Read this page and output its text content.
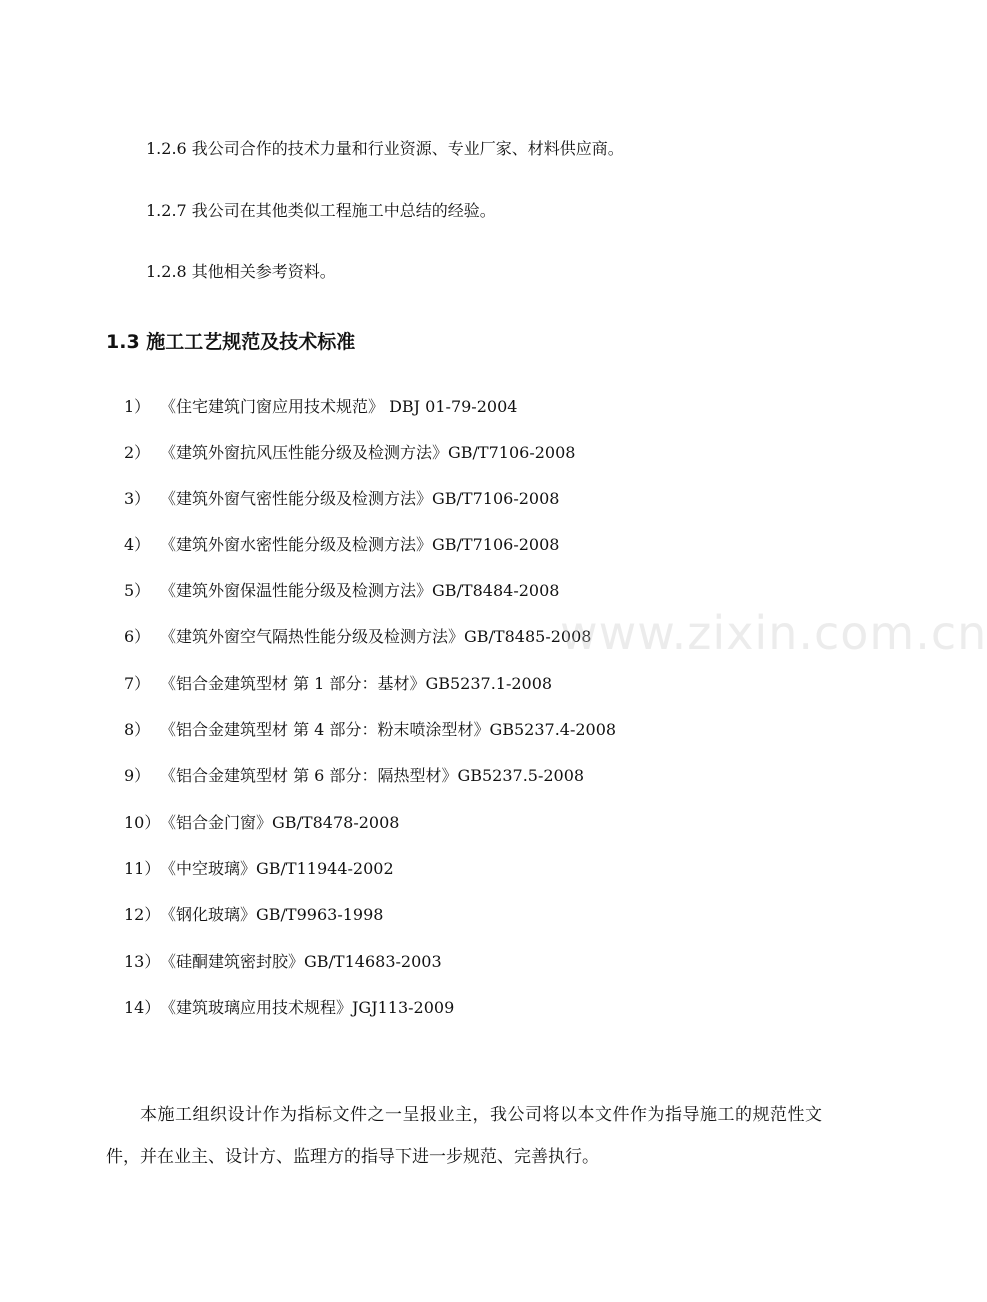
1.2.6 我公司合作的技术力量和行业资源、专业厂家、材料供应商。
1.2.7 我公司在其他类似工程施工中总结的经验。
1.2.8 其他相关参考资料。
1.3 施工工艺规范及技术标准
1） 《住宅建筑门窗应用技术规范》 DBJ 01-79-2004
2） 《建筑外窗抗风压性能分级及检测方法》GB/T7106-2008
3） 《建筑外窗气密性能分级及检测方法》GB/T7106-2008
4） 《建筑外窗水密性能分级及检测方法》GB/T7106-2008
5） 《建筑外窗保温性能分级及检测方法》GB/T8484-2008
6） 《建筑外窗空气隔热性能分级及检测方法》GB/T8485-2008
7） 《铝合金建筑型材 第 1 部分：基材》GB5237.1-2008
8） 《铝合金建筑型材 第 4 部分：粉末喷涂型材》GB5237.4-2008
9） 《铝合金建筑型材 第 6 部分：隔热型材》GB5237.5-2008
10）《铝合金门窗》GB/T8478-2008
11）《中空玻璃》GB/T11944-2002
12）《钢化玻璃》GB/T9963-1998
13）《硅酮建筑密封胶》GB/T14683-2003
14）《建筑玻璃应用技术规程》JGJ113-2009
本施工组织设计作为指标文件之一呈报业主，我公司将以本文件作为指导施工的规范性文件，并在业主、设计方、监理方的指导下进一步规范、完善执行。
www.zixin.com.cn
